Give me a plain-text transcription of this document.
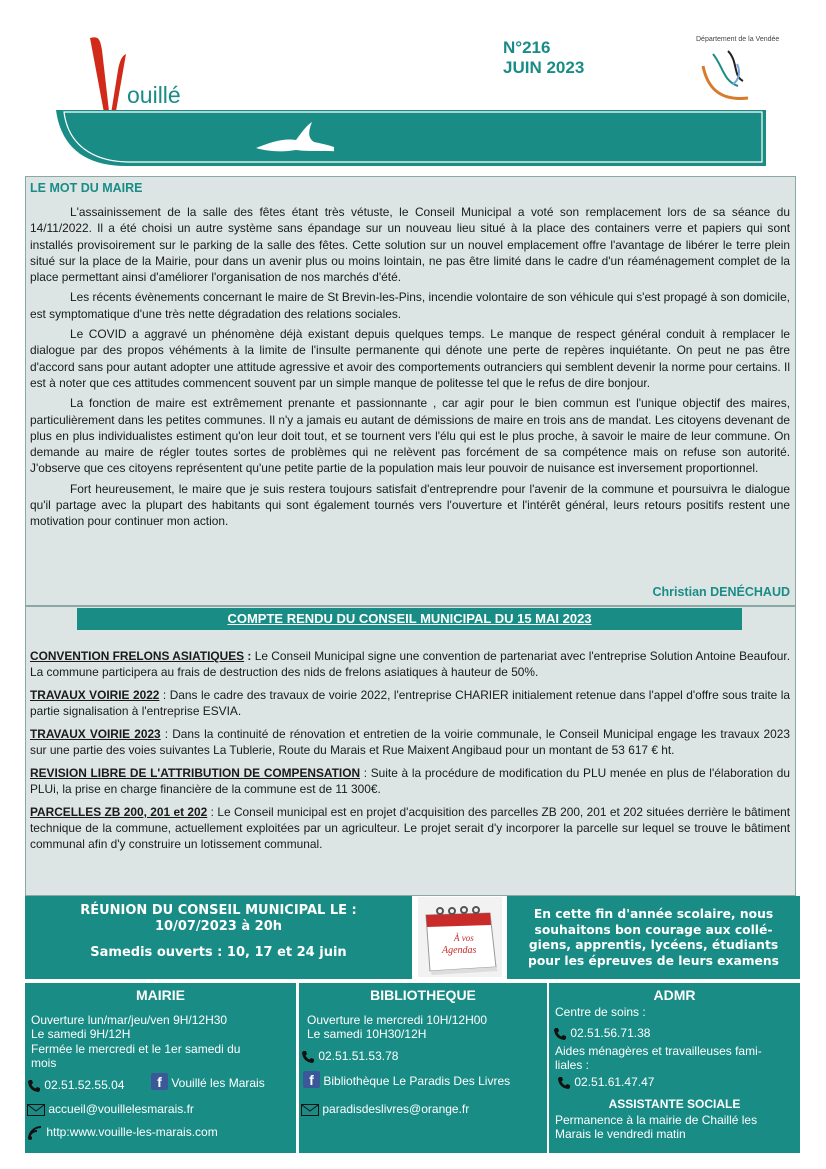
ouillé
N°216
JUIN 2023
Département de la Vendée
LE P'TIT PIRIN
LE MOT DU MAIRE

L'assainissement de la salle des fêtes étant très vétuste, le Conseil Municipal a voté son remplacement lors de sa séance du 14/11/2022. Il a été choisi un autre système sans épandage sur un nouveau lieu situé à la place des containers verre et papiers qui sont installés provisoirement sur le parking de la salle des fêtes. Cette solution sur un nouvel emplacement offre l'avantage de libérer le terre plein situé sur la place de la Mairie, pour dans un avenir plus ou moins lointain, ne pas être limité dans le cadre d'un réaménagement complet de la place permettant ainsi d'améliorer l'organisation de nos marchés d'été.

Les récents évènements concernant le maire de St Brevin-les-Pins, incendie volontaire de son véhicule qui s'est propagé à son domicile, est symptomatique d'une très nette dégradation des relations sociales.

Le COVID a aggravé un phénomène déjà existant depuis quelques temps. Le manque de respect général conduit à remplacer le dialogue par des propos véhéments à la limite de l'insulte permanente qui dénote une perte de repères inquiétante. On peut ne pas être d'accord sans pour autant adopter une attitude agressive et avoir des comportements outranciers qui semblent devenir la norme pour certains. Il est à noter que ces attitudes commencent souvent par un simple manque de politesse tel que le refus de dire bonjour.

La fonction de maire est extrêmement prenante et passionnante , car agir pour le bien commun est l'unique objectif des maires, particulièrement dans les petites communes. Il n'y a jamais eu autant de démissions de maire en trois ans de mandat. Les citoyens devenant de plus en plus individualistes estiment qu'on leur doit tout, et se tournent vers l'élu qui est le plus proche, à savoir le maire de leur commune. On demande au maire de régler toutes sortes de problèmes qui ne relèvent pas forcément de sa compétence mais on refuse son autorité. J'observe que ces citoyens représentent qu'une petite partie de la population mais leur pouvoir de nuisance est inversement proportionnel.

Fort heureusement, le maire que je suis restera toujours satisfait d'entreprendre pour l'avenir de la commune et poursuivra le dialogue qu'il partage avec la plupart des habitants qui sont également tournés vers l'ouverture et l'intérêt général, leurs retours positifs restent une motivation pour continuer mon action.

Christian DENÉCHAUD
COMPTE RENDU DU CONSEIL MUNICIPAL DU 15 MAI 2023

CONVENTION FRELONS ASIATIQUES : Le Conseil Municipal signe une convention de partenariat avec l'entreprise Solution Antoine Beaufour. La commune participera au frais de destruction des nids de frelons asiatiques à hauteur de 50%.

TRAVAUX VOIRIE 2022 : Dans le cadre des travaux de voirie 2022, l'entreprise CHARIER initialement retenue dans l'appel d'offre sous traite la partie signalisation à l'entreprise ESVIA.

TRAVAUX VOIRIE 2023 : Dans la continuité de rénovation et entretien de la voirie communale, le Conseil Municipal engage les travaux 2023 sur une partie des voies suivantes La Tublerie, Route du Marais et Rue Maixent Angibaud pour un montant de 53 617 € ht.

REVISION LIBRE DE L'ATTRIBUTION DE COMPENSATION : Suite à la procédure de modification du PLU menée en plus de l'élaboration du PLUi, la prise en charge financière de la commune est de 11 300€.

PARCELLES ZB 200, 201 et 202 : Le Conseil municipal est en projet d'acquisition des parcelles ZB 200, 201 et 202 situées derrière le bâtiment technique de la commune, actuellement exploitées par un agriculteur. Le projet serait d'y incorporer la parcelle sur lequel se trouve le bâtiment communal afin d'y construire un lotissement communal.

RÉUNION DU CONSEIL MUNICIPAL LE :
10/07/2023 à 20h
Samedis ouverts : 10, 17 et 24 juin
À vos
Agendas
En cette fin d'année scolaire, nous souhaitons bon courage aux collégiens, apprentis, lycéens, étudiants pour les épreuves de leurs examens
MAIRIE
Ouverture lun/mar/jeu/ven 9H/12H30
Le samedi 9H/12H
Fermée le mercredi et le 1er samedi du
mois
02.51.52.55.04	f Vouillé les Marais
accueil@vouillelesmarais.fr
http:www.vouille-les-marais.com
BIBLIOTHEQUE
Ouverture le mercredi 10H/12H00
Le samedi 10H30/12H
02.51.51.53.78
f Bibliothèque Le Paradis Des Livres
paradisdeslivres@orange.fr
ADMR
Centre de soins :
02.51.56.71.38
Aides ménagères et travailleuses fami-
liales :
02.51.61.47.47
ASSISTANTE SOCIALE
Permanence à la mairie de Chaillé les
Marais le vendredi matin
